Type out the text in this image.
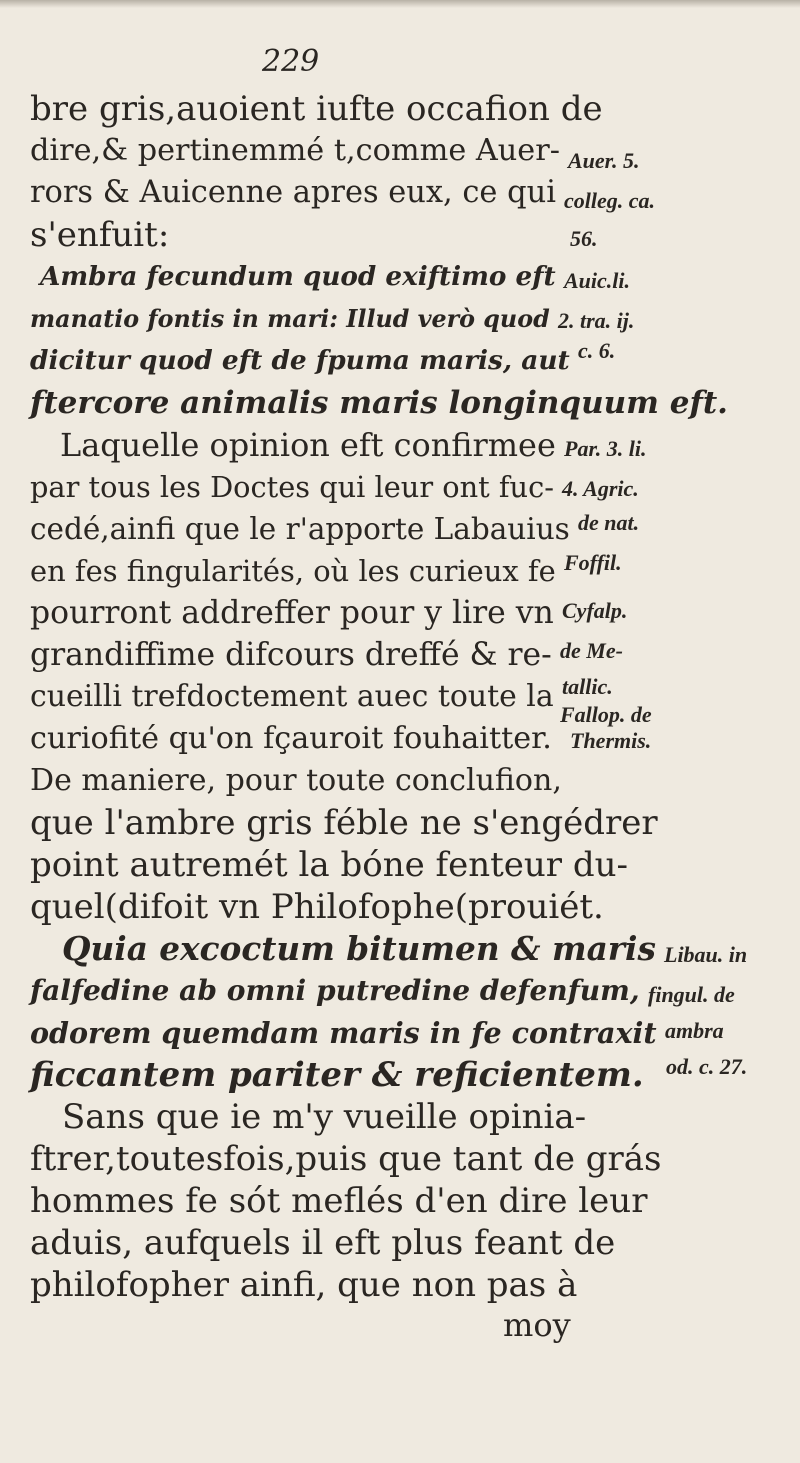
229
bre gris,auoient iufte occafion de
dire,& pertinemmé t,comme Auer- Auer. 5.
rors & Auicenne apres eux, ce qui colleg. ca.
s'enfuit:	56.
Ambra fecundum quod exiftimo eft Auic.li.
manatio fontis in mari: Illud verò quod 2. tra. ij.
dicitur quod eft de fpuma maris, aut c. 6.
ftercore animalis maris longinquum eft.
Laquelle opinion eft confirmee Par. 3. li.
par tous les Doctes qui leur ont fuc- 4. Agric.
cedé,ainfi que le r'apporte Labauius de nat.
en fes fingularités, où les curieux fe Foffil.
pourront addreffer pour y lire vn Cyfalp.
grandiffime difcours dreffé & re- de Me-
cueilli trefdoctement auec toute la tallic.
curiofité qu'on fçauroit fouhaitter.
Fallop. de
De maniere, pour toute conclufion,
Thermis.
que l'ambre gris féble ne s'engédrer
point autremét la bóne fenteur du-
quel(difoit vn Philofophe(prouiét.
Quia excoctum bitumen & maris Libau. in
falfedine ab omni putredine defenfum, fingul. de
odorem quemdam maris in fe contraxit ambra
ficcantem pariter & reficientem. od. c. 27.
Sans que ie m'y vueille opinia-
ftrer,toutesfois,puis que tant de grás
hommes fe sót meflés d'en dire leur
aduis, aufquels il eft plus feant de
philofopher ainfi, que non pas à
moy
